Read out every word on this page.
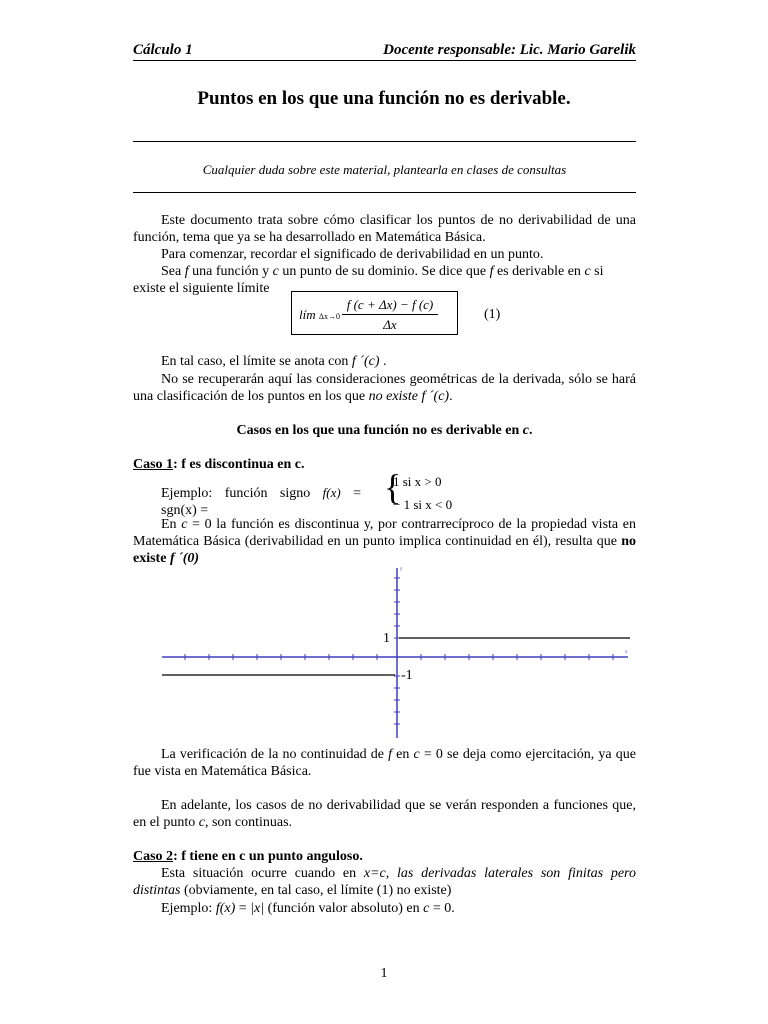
Cálculo 1	Docente responsable: Lic. Mario Garelik
Puntos en los que una función no es derivable.
Cualquier duda sobre este material, plantearla en clases de consultas
Este documento trata sobre cómo clasificar los puntos de no derivabilidad de una función, tema que ya se ha desarrollado en Matemática Básica.
Para comenzar, recordar el significado de derivabilidad en un punto.
Sea f una función y c un punto de su dominio. Se dice que f es derivable en c si
existe el siguiente límite
lím Δx→0
f (c + Δx) − f (c)
Δx
(1)
En tal caso, el límite se anota con f ´(c) .
No se recuperarán aquí las consideraciones geométricas de la derivada, sólo se hará una clasificación de los puntos en los que no existe f ´(c).
Casos en los que una función no es derivable en c.
Caso 1: f es discontinua en c.
Ejemplo: función signo f(x) = sgn(x) =
{
1 si x > 0
− 1 si x < 0
En c = 0 la función es discontinua y, por contrarrecíproco de la propiedad vista en Matemática Básica (derivabilidad en un punto implica continuidad en él), resulta que no existe f ´(0)
1
-1
x
y
La verificación de la no continuidad de f en c = 0 se deja como ejercitación, ya que fue vista en Matemática Básica.
En adelante, los casos de no derivabilidad que se verán responden a funciones que, en el punto c, son continuas.
Caso 2: f tiene en c un punto anguloso.
Esta situación ocurre cuando en x=c, las derivadas laterales son finitas pero distintas (obviamente, en tal caso, el límite (1) no existe)
Ejemplo: f(x) = |x| (función valor absoluto) en c = 0.
1
